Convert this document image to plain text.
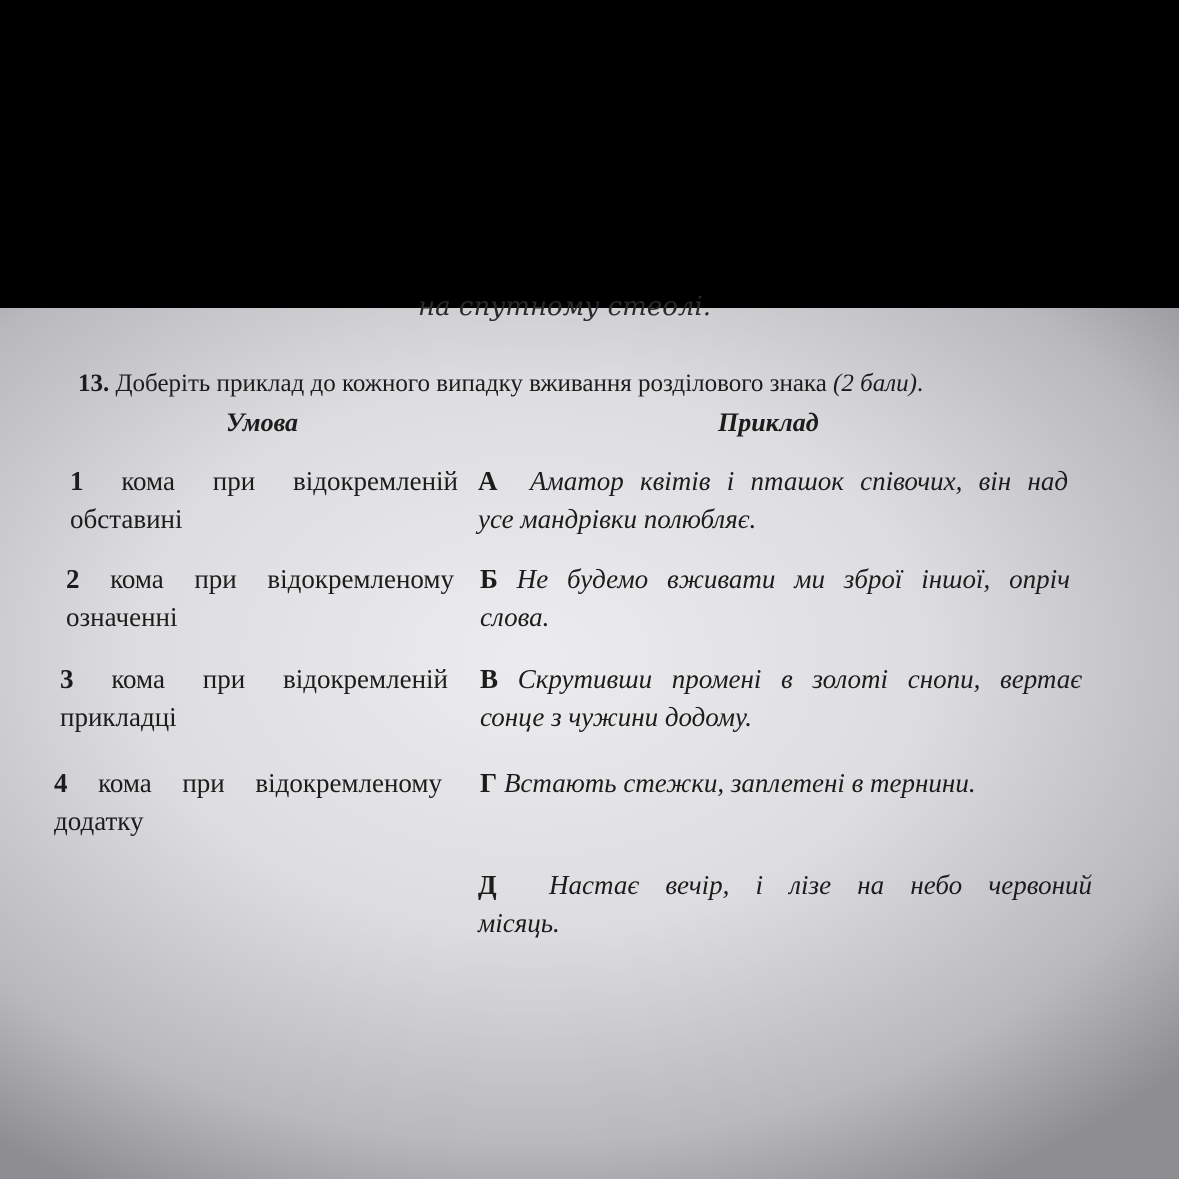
на спутному стеолі.
13. Доберіть приклад до кожного випадку вживання розділового знака (2 бали).
Умова	Приклад
1 кома при відокремленій
обставині
2 кома при відокремленому
означенні
3 кома при відокремленій
прикладці
4 кома при відокремленому
додатку
А Аматор квітів і пташок співочих, він над
усе мандрівки полюбляє.
Б Не будемо вживати ми зброї іншої, опріч
слова.
В Скрутивши промені в золоті снопи, вертає
сонце з чужини додому.
Г Встають стежки, заплетені в тернини.
Д Настає вечір, і лізе на небо червоний
місяць.
